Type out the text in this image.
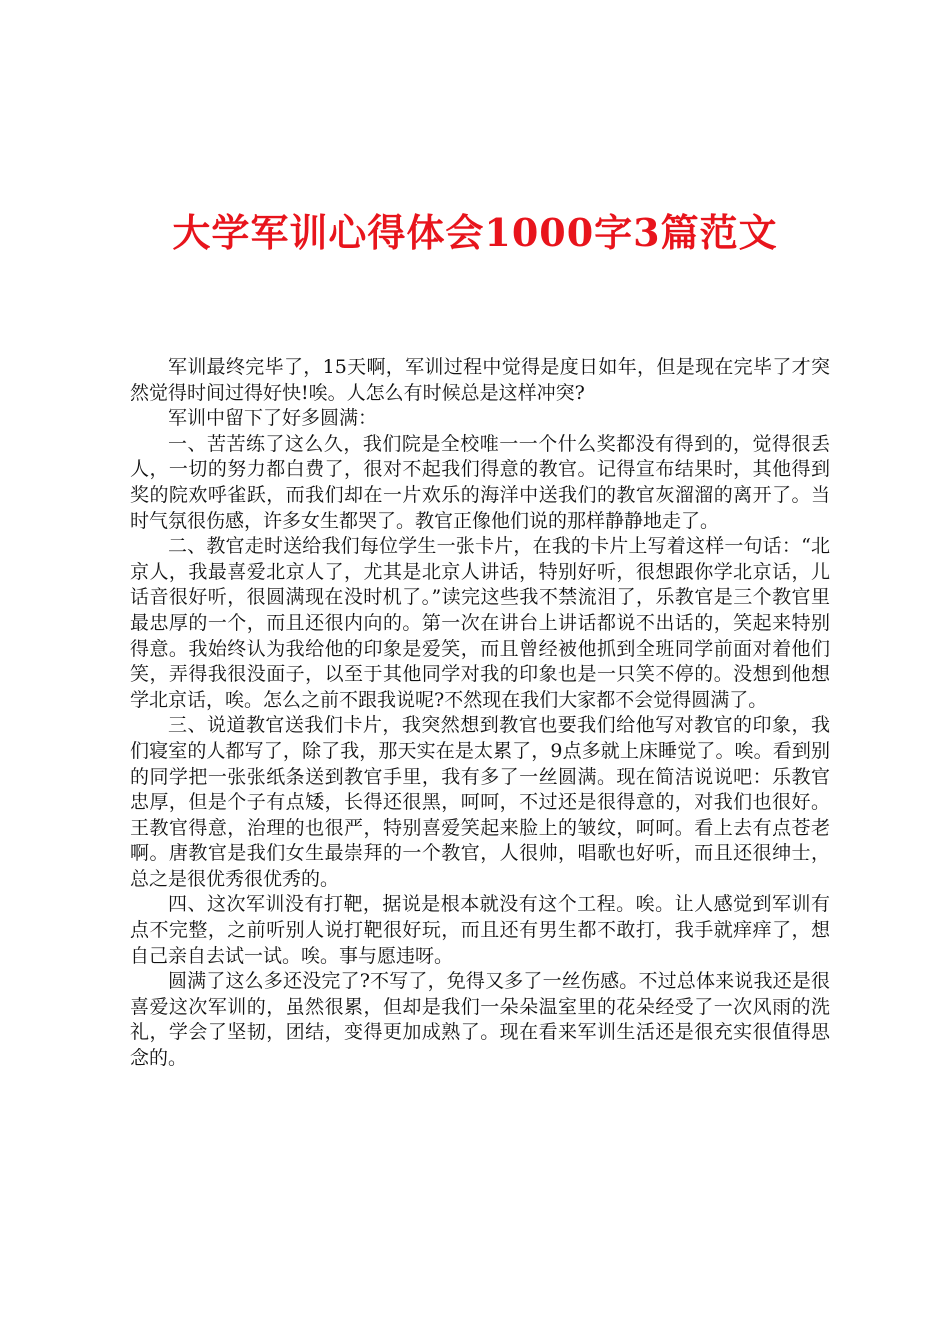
大学军训心得体会1000字3篇范文

军训最终完毕了，15天啊，军训过程中觉得是度日如年，但是现在完毕了才突然觉得时间过得好快!唉。人怎么有时候总是这样冲突?

军训中留下了好多圆满：

一、苦苦练了这么久，我们院是全校唯一一个什么奖都没有得到的，觉得很丢人，一切的努力都白费了，很对不起我们得意的教官。记得宣布结果时，其他得到奖的院欢呼雀跃，而我们却在一片欢乐的海洋中送我们的教官灰溜溜的离开了。当时气氛很伤感，许多女生都哭了。教官正像他们说的那样静静地走了。

二、教官走时送给我们每位学生一张卡片，在我的卡片上写着这样一句话：“北京人，我最喜爱北京人了，尤其是北京人讲话，特别好听，很想跟你学北京话，儿话音很好听，很圆满现在没时机了。”读完这些我不禁流泪了，乐教官是三个教官里最忠厚的一个，而且还很内向的。第一次在讲台上讲话都说不出话的，笑起来特别得意。我始终认为我给他的印象是爱笑，而且曾经被他抓到全班同学前面对着他们笑，弄得我很没面子，以至于其他同学对我的印象也是一只笑不停的。没想到他想学北京话，唉。怎么之前不跟我说呢?不然现在我们大家都不会觉得圆满了。

三、说道教官送我们卡片，我突然想到教官也要我们给他写对教官的印象，我们寝室的人都写了，除了我，那天实在是太累了，9点多就上床睡觉了。唉。看到别的同学把一张张纸条送到教官手里，我有多了一丝圆满。现在简洁说说吧：乐教官忠厚，但是个子有点矮，长得还很黑，呵呵，不过还是很得意的，对我们也很好。王教官得意，治理的也很严，特别喜爱笑起来脸上的皱纹，呵呵。看上去有点苍老啊。唐教官是我们女生最崇拜的一个教官，人很帅，唱歌也好听，而且还很绅士，总之是很优秀很优秀的。

四、这次军训没有打靶，据说是根本就没有这个工程。唉。让人感觉到军训有点不完整，之前听别人说打靶很好玩，而且还有男生都不敢打，我手就痒痒了，想自己亲自去试一试。唉。事与愿违呀。

圆满了这么多还没完了?不写了，免得又多了一丝伤感。不过总体来说我还是很喜爱这次军训的，虽然很累，但却是我们一朵朵温室里的花朵经受了一次风雨的洗礼，学会了坚韧，团结，变得更加成熟了。现在看来军训生活还是很充实很值得思念的。
